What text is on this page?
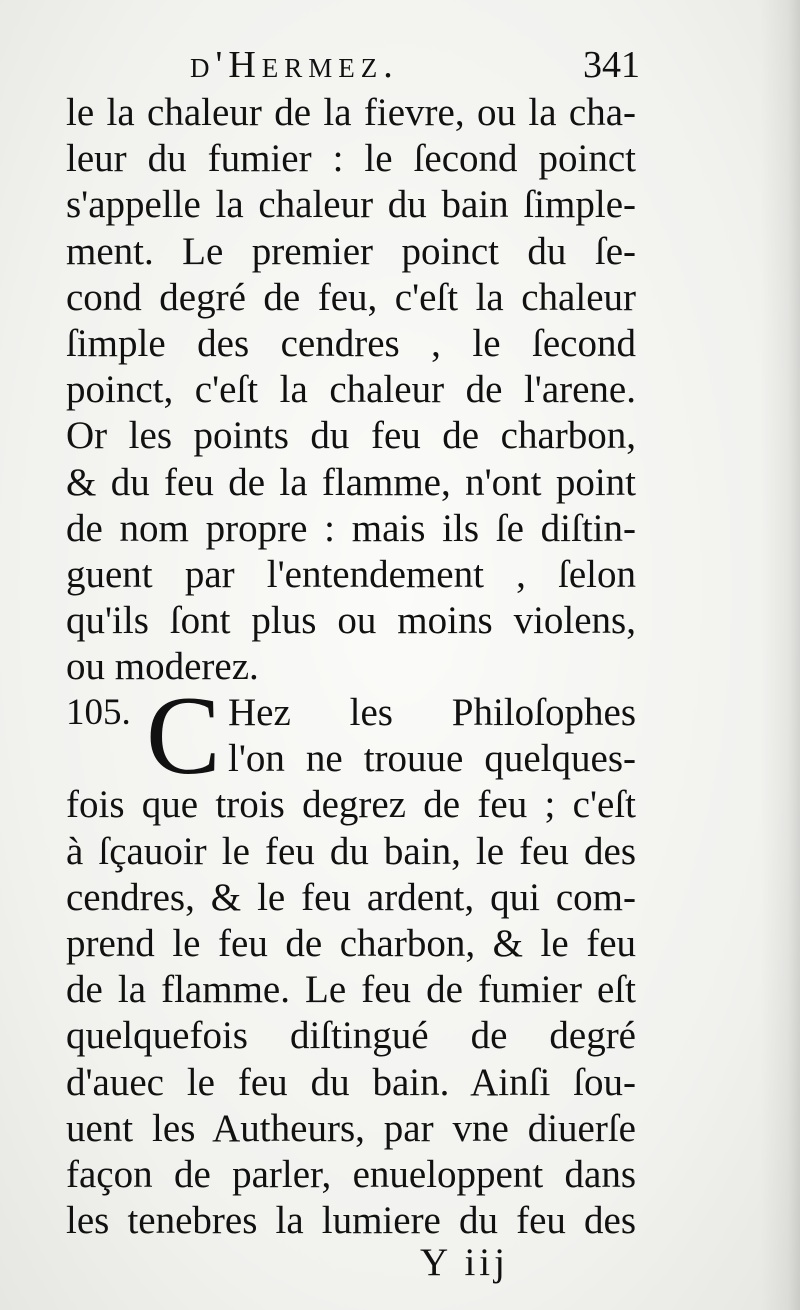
d'Hermez.	341
le la chaleur de la fievre, ou la cha-
leur du fumier : le ſecond poinct
s'appelle la chaleur du bain ſimple-
ment. Le premier poinct du ſe-
cond degré de feu, c'eſt la chaleur
ſimple des cendres , le ſecond
poinct, c'eſt la chaleur de l'arene.
Or les points du feu de charbon,
& du feu de la flamme, n'ont point
de nom propre : mais ils ſe diſtin-
guent par l'entendement , ſelon
qu'ils ſont plus ou moins violens,
ou moderez.
105. C Hez les Philoſophes
l'on ne trouue quelques-
fois que trois degrez de feu ; c'eſt
à ſçauoir le feu du bain, le feu des
cendres, & le feu ardent, qui com-
prend le feu de charbon, & le feu
de la flamme. Le feu de fumier eſt
quelquefois diſtingué de degré
d'auec le feu du bain. Ainſi ſou-
uent les Autheurs, par vne diuerſe
façon de parler, enueloppent dans
les tenebres la lumiere du feu des
Y iij
